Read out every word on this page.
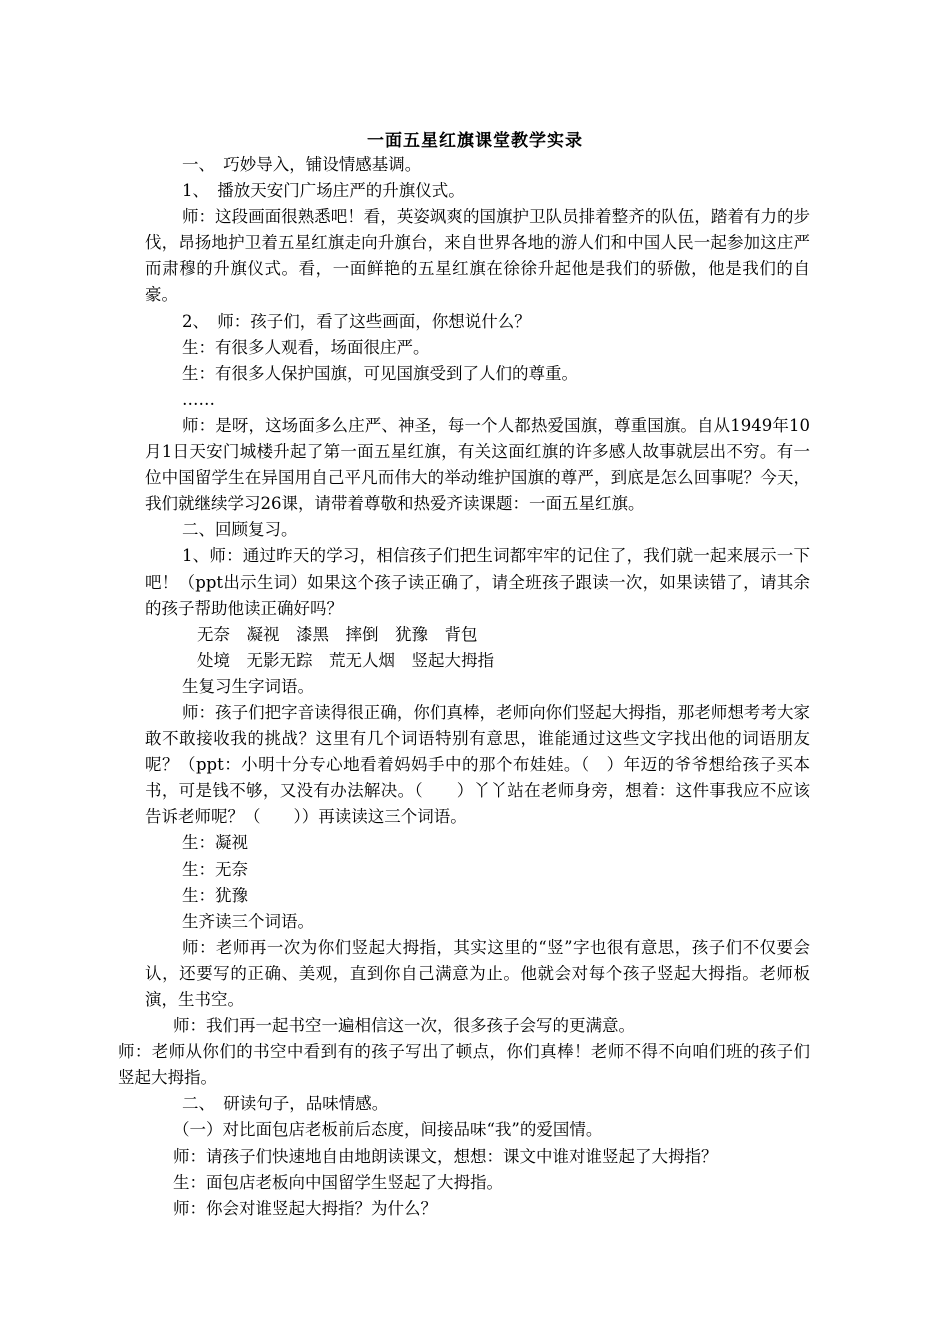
一面五星红旗课堂教学实录

一、　巧妙导入，铺设情感基调。

1、　播放天安门广场庄严的升旗仪式。

师：这段画面很熟悉吧！看，英姿飒爽的国旗护卫队员排着整齐的队伍，踏着有力的步伐，昂扬地护卫着五星红旗走向升旗台，来自世界各地的游人们和中国人民一起参加这庄严而肃穆的升旗仪式。看，一面鲜艳的五星红旗在徐徐升起他是我们的骄傲，他是我们的自豪。

2、　师：孩子们，看了这些画面，你想说什么？

生：有很多人观看，场面很庄严。

生：有很多人保护国旗，可见国旗受到了人们的尊重。

……

师：是呀，这场面多么庄严、神圣，每一个人都热爱国旗，尊重国旗。自从1949年10月1日天安门城楼升起了第一面五星红旗，有关这面红旗的许多感人故事就层出不穷。有一位中国留学生在异国用自己平凡而伟大的举动维护国旗的尊严，到底是怎么回事呢？今天，我们就继续学习26课，请带着尊敬和热爱齐读课题：一面五星红旗。

二、回顾复习。

1、师：通过昨天的学习，相信孩子们把生词都牢牢的记住了，我们就一起来展示一下吧！（ppt出示生词）如果这个孩子读正确了，请全班孩子跟读一次，如果读错了，请其余的孩子帮助他读正确好吗？

无奈　凝视　漆黑　摔倒　犹豫　背包

处境　无影无踪　荒无人烟　竖起大拇指

生复习生字词语。

师：孩子们把字音读得很正确，你们真棒，老师向你们竖起大拇指，那老师想考考大家敢不敢接收我的挑战？这里有几个词语特别有意思，谁能通过这些文字找出他的词语朋友呢？（ppt：小明十分专心地看着妈妈手中的那个布娃娃。（　）年迈的爷爷想给孩子买本书，可是钱不够，又没有办法解决。（　　）丫丫站在老师身旁，想着：这件事我应不应该告诉老师呢？（　　））再读读这三个词语。

生：凝视

生：无奈

生：犹豫

生齐读三个词语。

师：老师再一次为你们竖起大拇指，其实这里的“竖”字也很有意思，孩子们不仅要会认，还要写的正确、美观，直到你自己满意为止。他就会对每个孩子竖起大拇指。老师板演，生书空。

师：我们再一起书空一遍相信这一次，很多孩子会写的更满意。

师：老师从你们的书空中看到有的孩子写出了顿点，你们真棒！老师不得不向咱们班的孩子们竖起大拇指。

二、　研读句子，品味情感。

（一）对比面包店老板前后态度，间接品味“我”的爱国情。

师：请孩子们快速地自由地朗读课文，想想：课文中谁对谁竖起了大拇指？

生：面包店老板向中国留学生竖起了大拇指。

师：你会对谁竖起大拇指？为什么？
